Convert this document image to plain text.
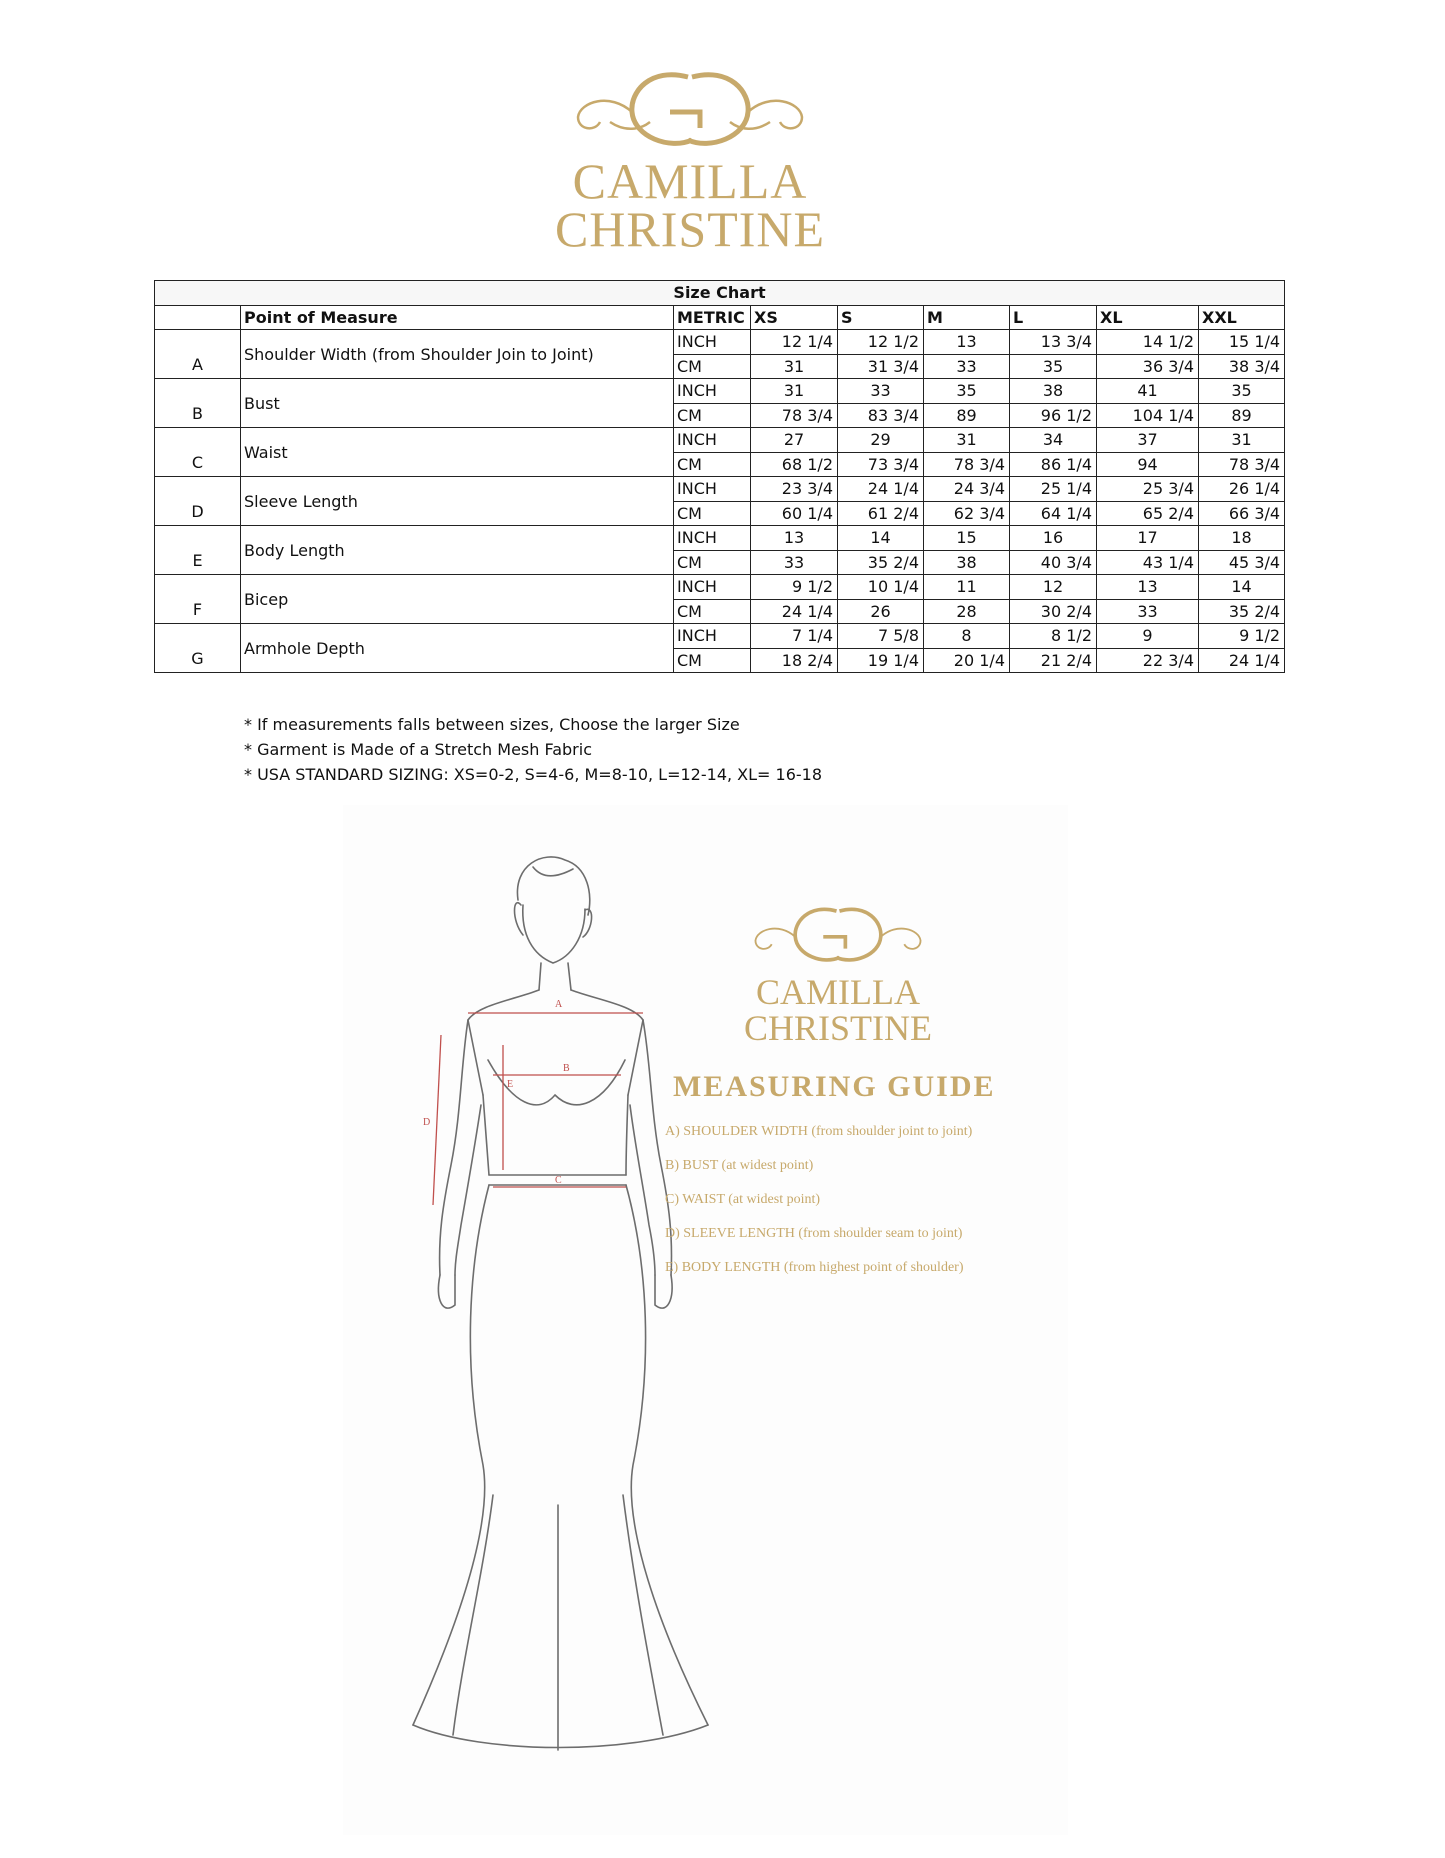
CAMILLA
CHRISTINE
Size Chart								
	Point of Measure	METRIC	XS	S	M	L	XL	XXL
A	Shoulder Width (from Shoulder Join to Joint)	INCH	12 1/4	12 1/2	13	13 3/4	14 1/2	15 1/4
		CM	31	31 3/4	33	35	36 3/4	38 3/4
B	Bust	INCH	31	33	35	38	41	35
		CM	78 3/4	83 3/4	89	96 1/2	104 1/4	89
C	Waist	INCH	27	29	31	34	37	31
		CM	68 1/2	73 3/4	78 3/4	86 1/4	94	78 3/4
D	Sleeve Length	INCH	23 3/4	24 1/4	24 3/4	25 1/4	25 3/4	26 1/4
		CM	60 1/4	61 2/4	62 3/4	64 1/4	65 2/4	66 3/4
E	Body Length	INCH	13	14	15	16	17	18
		CM	33	35 2/4	38	40 3/4	43 1/4	45 3/4
F	Bicep	INCH	9 1/2	10 1/4	11	12	13	14
		CM	24 1/4	26	28	30 2/4	33	35 2/4
G	Armhole Depth	INCH	7 1/4	7 5/8	8	8 1/2	9	9 1/2
		CM	18 2/4	19 1/4	20 1/4	21 2/4	22 3/4	24 1/4
* If measurements falls between sizes, Choose the larger Size
* Garment is Made of a Stretch Mesh Fabric
* USA STANDARD SIZING: XS=0-2, S=4-6, M=8-10, L=12-14, XL= 16-18
A
B
C
D
E
CAMILLA
CHRISTINE
MEASURING GUIDE
A) SHOULDER WIDTH (from shoulder joint to joint)
B) BUST (at widest point)
C) WAIST (at widest point)
D) SLEEVE LENGTH (from shoulder seam to joint)
E) BODY LENGTH (from highest point of shoulder)
